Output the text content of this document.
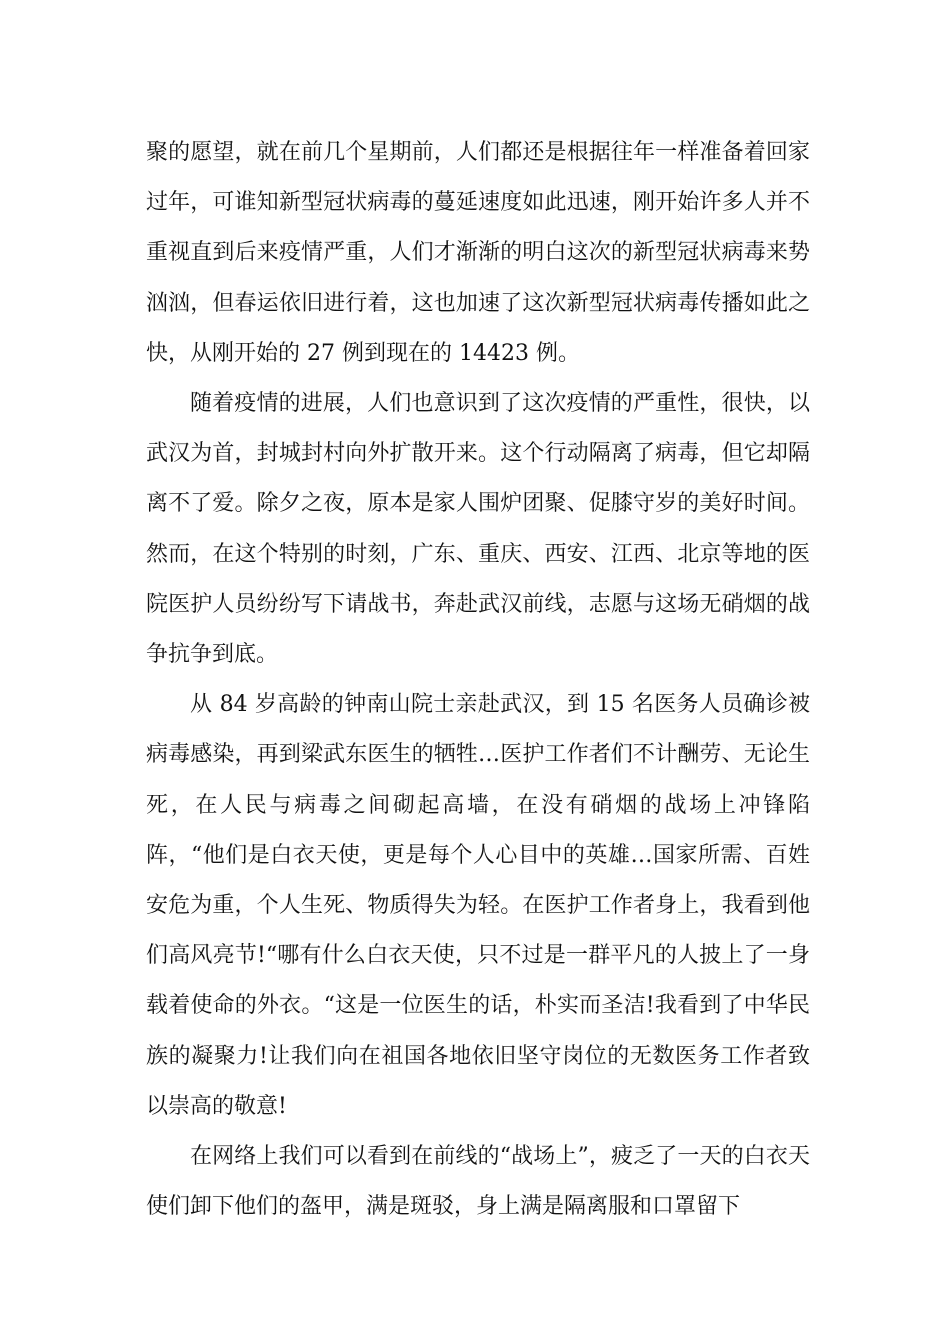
聚的愿望，就在前几个星期前，人们都还是根据往年一样准备着回家过年，可谁知新型冠状病毒的蔓延速度如此迅速，刚开始许多人并不重视直到后来疫情严重，人们才渐渐的明白这次的新型冠状病毒来势汹汹，但春运依旧进行着，这也加速了这次新型冠状病毒传播如此之快，从刚开始的 27 例到现在的 14423 例。

随着疫情的进展，人们也意识到了这次疫情的严重性，很快，以武汉为首，封城封村向外扩散开来。这个行动隔离了病毒，但它却隔离不了爱。除夕之夜，原本是家人围炉团聚、促膝守岁的美好时间。然而，在这个特别的时刻，广东、重庆、西安、江西、北京等地的医院医护人员纷纷写下请战书，奔赴武汉前线，志愿与这场无硝烟的战争抗争到底。

从 84 岁高龄的钟南山院士亲赴武汉，到 15 名医务人员确诊被病毒感染，再到梁武东医生的牺牲…医护工作者们不计酬劳、无论生死，在人民与病毒之间砌起高墙，在没有硝烟的战场上冲锋陷阵，“他们是白衣天使，更是每个人心目中的英雄…国家所需、百姓安危为重，个人生死、物质得失为轻。在医护工作者身上，我看到他们高风亮节!“哪有什么白衣天使，只不过是一群平凡的人披上了一身载着使命的外衣。“这是一位医生的话，朴实而圣洁!我看到了中华民族的凝聚力!让我们向在祖国各地依旧坚守岗位的无数医务工作者致以崇高的敬意!

在网络上我们可以看到在前线的“战场上”，疲乏了一天的白衣天使们卸下他们的盔甲，满是斑驳，身上满是隔离服和口罩留下
